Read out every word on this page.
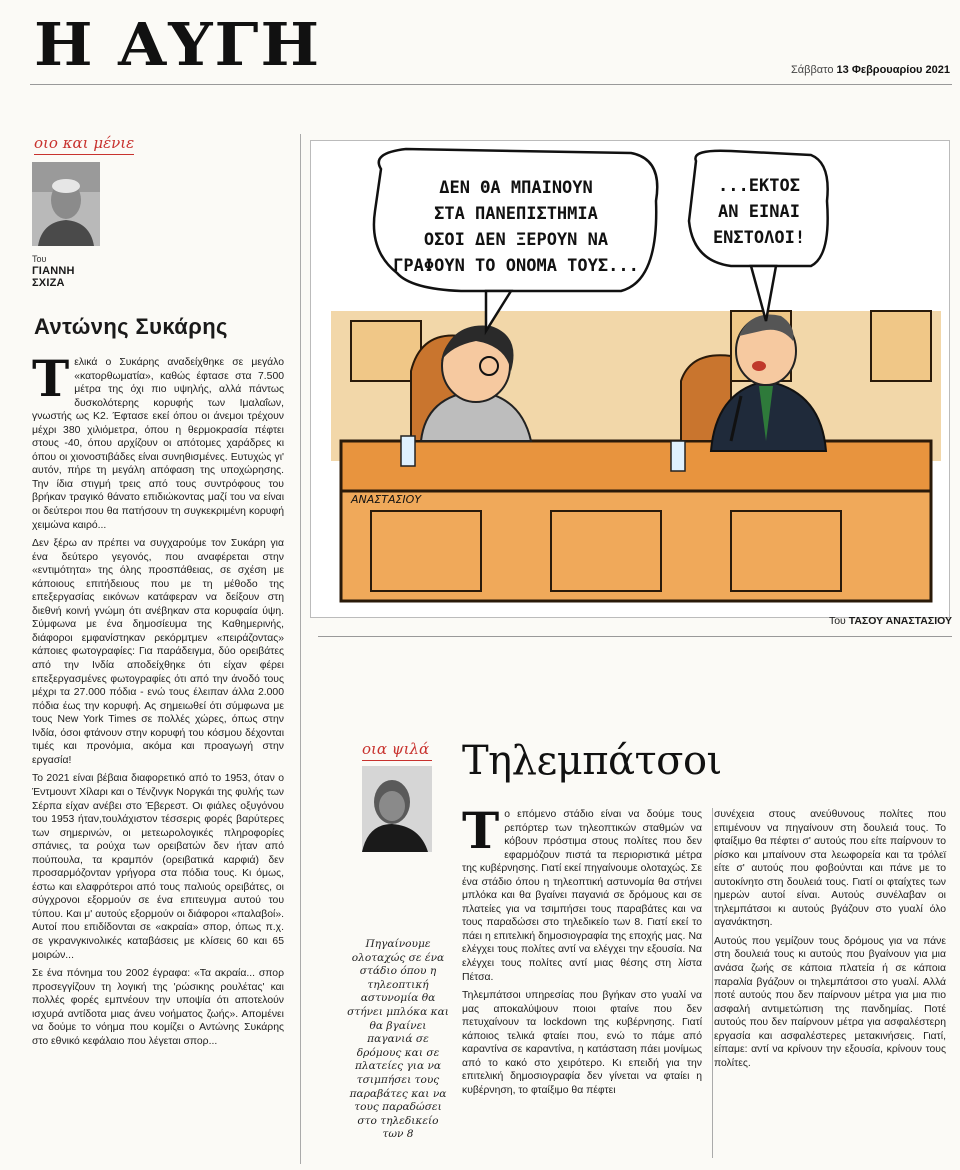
Η ΑΥΓΗ	Σάββατο 13 Φεβρουαρίου 2021
οιο και μένιε
Του
ΓΙΑΝΝΗ
ΣΧΙΖΑ
Αντώνης Συκάρης

Τελικά ο Συκάρης αναδείχθηκε σε μεγάλο «κατορθωματία», καθώς έφτασε στα 7.500 μέτρα της όχι πιο υψηλής, αλλά πάντως δυσκολότερης κορυφής των Ιμαλαΐων, γνωστής ως Κ2. Έφτασε εκεί όπου οι άνεμοι τρέχουν μέχρι 380 χιλιόμετρα, όπου η θερμοκρασία πέφτει στους -40, όπου αρχίζουν οι απότομες χαράδρες κι όπου οι χιονοστιβάδες είναι συνηθισμένες. Ευτυχώς γι' αυτόν, πήρε τη μεγάλη απόφαση της υποχώρησης. Την ίδια στιγμή τρεις από τους συντρόφους του βρήκαν τραγικό θάνατο επιδιώκοντας μαζί του να είναι οι δεύτεροι που θα πατήσουν τη συγκεκριμένη κορυφή χειμώνα καιρό...

Δεν ξέρω αν πρέπει να συγχαρούμε τον Συκάρη για ένα δεύτερο γεγονός, που αναφέρεται στην «εντιμότητα» της όλης προσπάθειας, σε σχέση με κάποιους επιτήδειους που με τη μέθοδο της επεξεργασίας εικόνων κατάφεραν να δείξουν στη διεθνή κοινή γνώμη ότι ανέβηκαν στα κορυφαία ύψη. Σύμφωνα με ένα δημοσίευμα της Καθημερινής, διάφοροι εμφανίστηκαν ρεκόρμτμεν «πειράζοντας» κάποιες φωτογραφίες: Για παράδειγμα, δύο ορειβάτες από την Ινδία αποδείχθηκε ότι είχαν φέρει επεξεργασμένες φωτογραφίες ότι από την άνοδό τους μέχρι τα 27.000 πόδια - ενώ τους έλειπαν άλλα 2.000 πόδια έως την κορυφή. Ας σημειωθεί ότι σύμφωνα με τους New York Times σε πολλές χώρες, όπως στην Ινδία, όσοι φτάνουν στην κορυφή του κόσμου δέχονται τιμές και προνόμια, ακόμα και προαγωγή στην εργασία!

Το 2021 είναι βέβαια διαφορετικό από το 1953, όταν ο Έντμουντ Χίλαρι και ο Τένζινγκ Νοργκάι της φυλής των Σέρπα είχαν ανέβει στο Έβερεστ. Οι φιάλες οξυγόνου του 1953 ήταν,τουλάχιστον τέσσερις φορές βαρύτερες των σημερινών, οι μετεωρολογικές πληροφορίες σπάνιες, τα ρούχα των ορειβατών δεν ήταν από πούπουλα, τα κραμπόν (ορειβατικά καρφιά) δεν προσαρμόζονταν γρήγορα στα πόδια τους. Κι όμως, έστω και ελαφρότεροι από τους παλιούς ορειβάτες, οι σύγχρονοι εξορμούν σε ένα επιτευγμα αυτού του τύπου. Και μ' αυτούς εξορμούν οι διάφοροι «παλαβοί». Αυτοί που επιδίδονται σε «ακραία» σπορ, όπως π.χ. σε γκρανγκινολικές καταβάσεις με κλίσεις 60 και 65 μοιρών...

Σε ένα πόνημα του 2002 έγραφα: «Τα ακραία... σπορ προσεγγίζουν τη λογική της 'ρώσικης ρουλέτας' και πολλές φορές εμπνέουν την υποψία ότι αποτελούν ισχυρά αντίδοτα μιας άνευ νοήματος ζωής». Απομένει να δούμε το νόημα που κομίζει ο Αντώνης Συκάρης στο εθνικό κεφάλαιο που λέγεται σπορ...

ΔΕΝ ΘΑ ΜΠΑΙΝΟΥΝ
ΣΤΑ ΠΑΝΕΠΙΣΤΗΜΙΑ
ΟΣΟΙ ΔΕΝ ΞΕΡΟΥΝ ΝΑ
ΓΡΑΦΟΥΝ ΤΟ ΟΝΟΜΑ ΤΟΥΣ...
...ΕΚΤΟΣ
ΑΝ ΕΙΝΑΙ
ΕΝΣΤΟΛΟΙ!
ΑΝΑΣΤΑΣΙΟΥ
Του ΤΑΣΟΥ ΑΝΑΣΤΑΣΙΟΥ
οια ψιλά Τηλεμπάτσοι
Πηγαίνουμε ολοταχώς σε ένα στάδιο όπου η τηλεοπτική αστυνομία θα στήνει μπλόκα και θα βγαίνει παγανιά σε δρόμους και σε πλατείες για να τσιμπήσει τους παραβάτες και να τους παραδώσει στο τηλεδικείο των 8

Το επόμενο στάδιο είναι να δούμε τους ρεπόρτερ των τηλεοπτικών σταθμών να κόβουν πρόστιμα στους πολίτες που δεν εφαρμόζουν πιστά τα περιοριστικά μέτρα της κυβέρνησης. Γιατί εκεί πηγαίνουμε ολοταχώς. Σε ένα στάδιο όπου η τηλεοπτική αστυνομία θα στήνει μπλόκα και θα βγαίνει παγανιά σε δρόμους και σε πλατείες για να τσιμπήσει τους παραβάτες και να τους παραδώσει στο τηλεδικείο των 8. Γιατί εκεί το πάει η επιτελική δημοσιογραφία της εποχής μας. Να ελέγχει τους πολίτες αντί να ελέγχει την εξουσία. Να ελέγχει τους πολίτες αντί μιας θέσης στη λίστα Πέτσα.

Τηλεμπάτσοι υπηρεσίας που βγήκαν στο γυαλί να μας αποκαλύψουν ποιοι φταίνε που δεν πετυχαίνουν τα lockdown της κυβέρνησης. Γιατί κάποιος τελικά φταίει που, ενώ το πάμε από καραντίνα σε καραντίνα, η κατάσταση πάει μονίμως από το κακό στο χειρότερο. Κι επειδή για την επιτελική δημοσιογραφία δεν γίνεται να φταίει η κυβέρνηση, το φταίξιμο θα πέφτει

συνέχεια στους ανεύθυνους πολίτες που επιμένουν να πηγαίνουν στη δουλειά τους. Το φταίξιμο θα πέφτει σ' αυτούς που είτε παίρνουν το ρίσκο και μπαίνουν στα λεωφορεία και τα τρόλεϊ είτε σ' αυτούς που φοβούνται και πάνε με το αυτοκίνητο στη δουλειά τους. Γιατί οι φταίχτες των ημερών αυτοί είναι. Αυτούς συνέλαβαν οι τηλεμπάτσοι κι αυτούς βγάζουν στο γυαλί όλο αγανάκτηση.

Αυτούς που γεμίζουν τους δρόμους για να πάνε στη δουλειά τους κι αυτούς που βγαίνουν για μια ανάσα ζωής σε κάποια πλατεία ή σε κάποια παραλία βγάζουν οι τηλεμπάτσοι στο γυαλί. Αλλά ποτέ αυτούς που δεν παίρνουν μέτρα για μια πιο ασφαλή αντιμετώπιση της πανδημίας. Ποτέ αυτούς που δεν παίρνουν μέτρα για ασφαλέστερη εργασία και ασφαλέστερες μετακινήσεις. Γιατί, είπαμε: αντί να κρίνουν την εξουσία, κρίνουν τους πολίτες.
